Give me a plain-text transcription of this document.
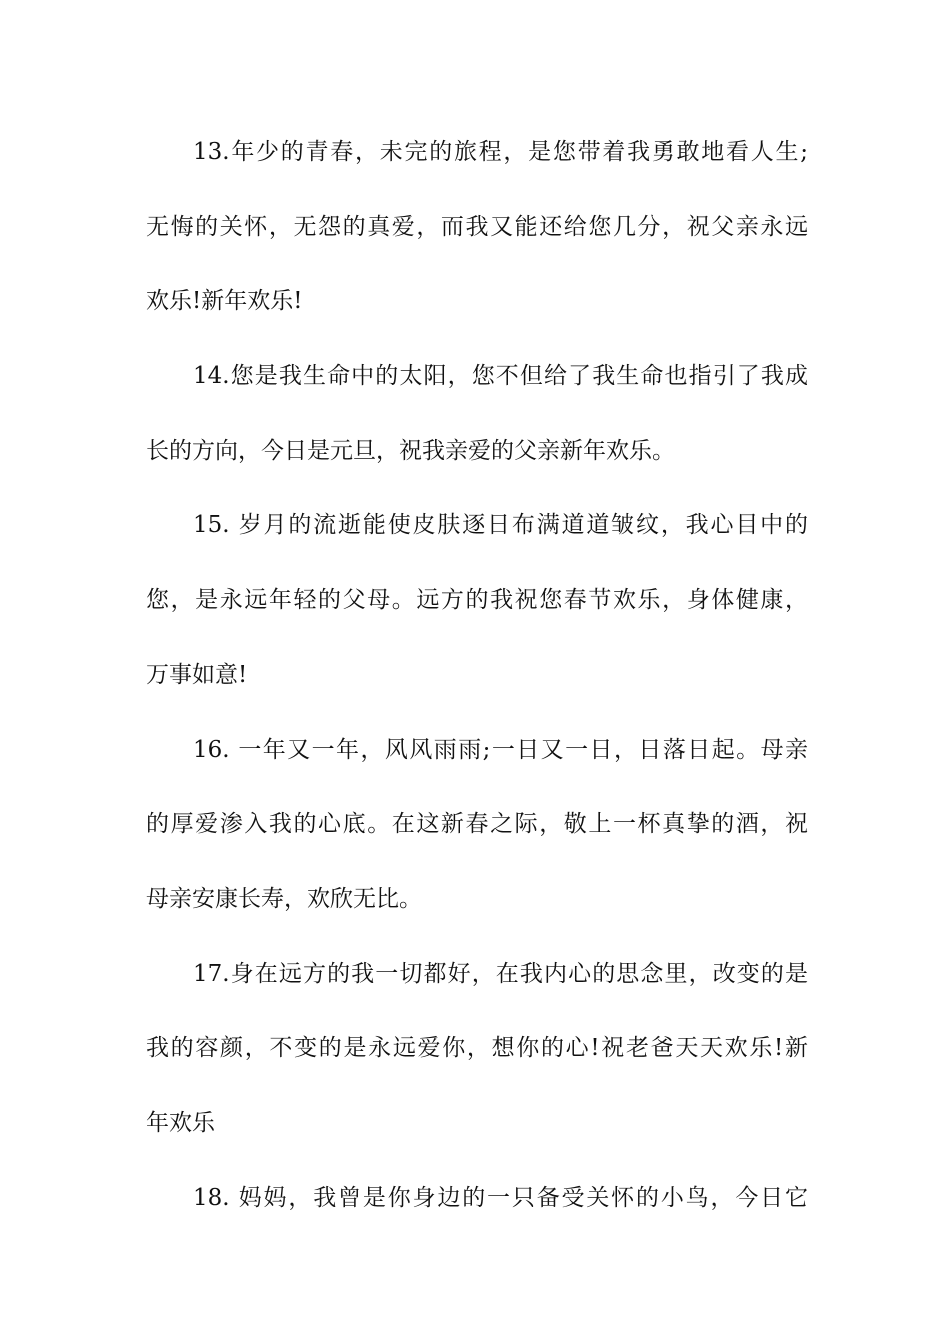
13.年少的青春，未完的旅程，是您带着我勇敢地看人生;
无悔的关怀，无怨的真爱，而我又能还给您几分，祝父亲永远
欢乐!新年欢乐!
14.您是我生命中的太阳，您不但给了我生命也指引了我成
长的方向，今日是元旦，祝我亲爱的父亲新年欢乐。
15. 岁月的流逝能使皮肤逐日布满道道皱纹，我心目中的
您，是永远年轻的父母。远方的我祝您春节欢乐，身体健康，
万事如意!
16. 一年又一年，风风雨雨;一日又一日，日落日起。母亲
的厚爱渗入我的心底。在这新春之际，敬上一杯真挚的酒，祝
母亲安康长寿，欢欣无比。
17.身在远方的我一切都好，在我内心的思念里，改变的是
我的容颜，不变的是永远爱你，想你的心!祝老爸天天欢乐!新
年欢乐
18. 妈妈，我曾是你身边的一只备受关怀的小鸟，今日它
